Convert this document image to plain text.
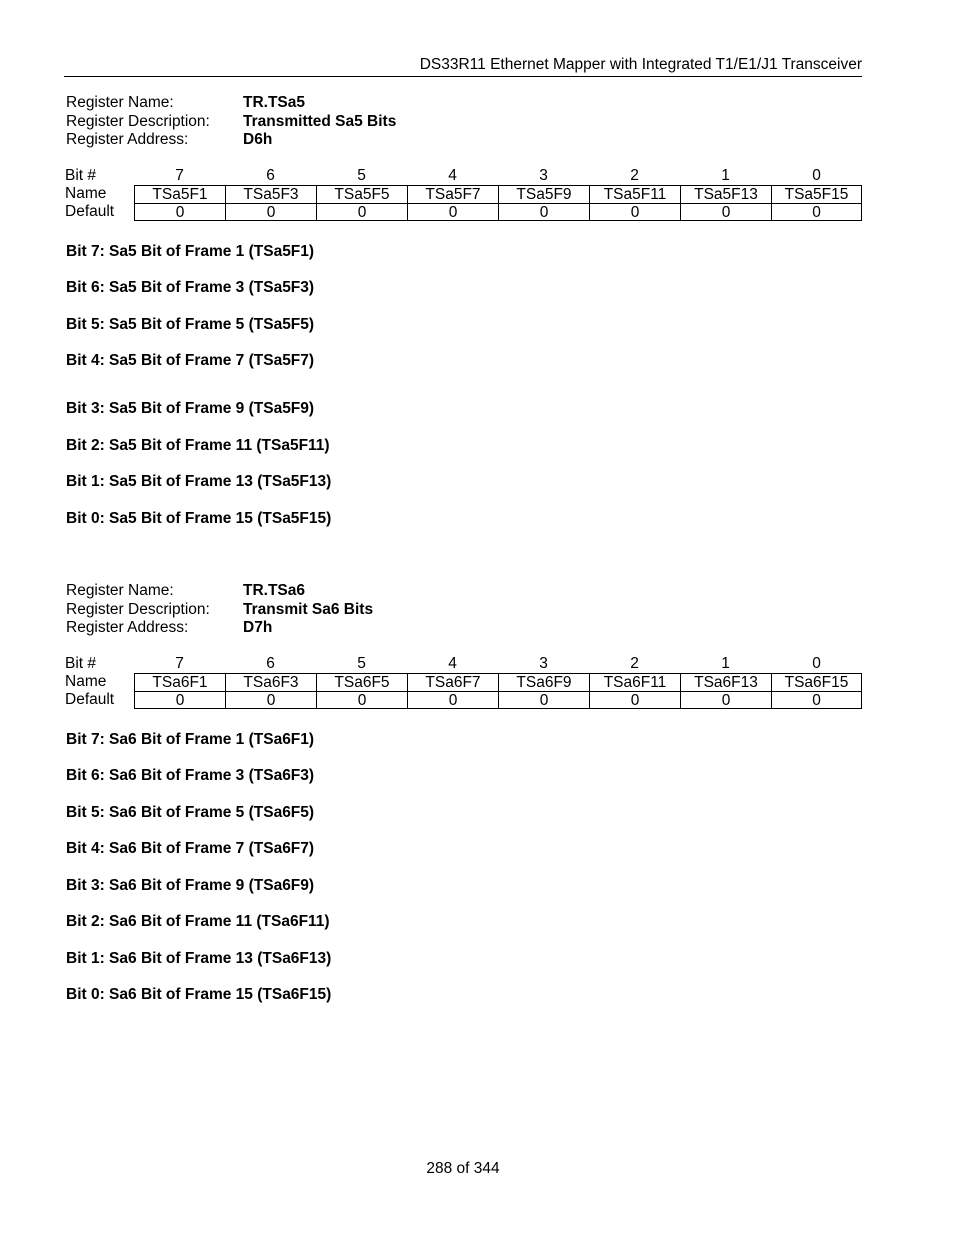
DS33R11 Ethernet Mapper with Integrated T1/E1/J1 Transceiver
Register Name:	TR.TSa5
Register Description:	Transmitted Sa5 Bits
Register Address:	D6h
Bit #	7	6	5	4	3	2	1	0
Name	TSa5F1	TSa5F3	TSa5F5	TSa5F7	TSa5F9	TSa5F11	TSa5F13	TSa5F15
Default	0	0	0	0	0	0	0	0
Bit 7: Sa5 Bit of Frame 1 (TSa5F1)
Bit 6: Sa5 Bit of Frame 3 (TSa5F3)
Bit 5: Sa5 Bit of Frame 5 (TSa5F5)
Bit 4: Sa5 Bit of Frame 7 (TSa5F7)
Bit 3: Sa5 Bit of Frame 9 (TSa5F9)
Bit 2: Sa5 Bit of Frame 11 (TSa5F11)
Bit 1: Sa5 Bit of Frame 13 (TSa5F13)
Bit 0: Sa5 Bit of Frame 15 (TSa5F15)
Register Name:	TR.TSa6
Register Description:	Transmit Sa6 Bits
Register Address:	D7h
Bit #	7	6	5	4	3	2	1	0
Name	TSa6F1	TSa6F3	TSa6F5	TSa6F7	TSa6F9	TSa6F11	TSa6F13	TSa6F15
Default	0	0	0	0	0	0	0	0
Bit 7: Sa6 Bit of Frame 1 (TSa6F1)
Bit 6: Sa6 Bit of Frame 3 (TSa6F3)
Bit 5: Sa6 Bit of Frame 5 (TSa6F5)
Bit 4: Sa6 Bit of Frame 7 (TSa6F7)
Bit 3: Sa6 Bit of Frame 9 (TSa6F9)
Bit 2: Sa6 Bit of Frame 11 (TSa6F11)
Bit 1: Sa6 Bit of Frame 13 (TSa6F13)
Bit 0: Sa6 Bit of Frame 15 (TSa6F15)
288 of 344
